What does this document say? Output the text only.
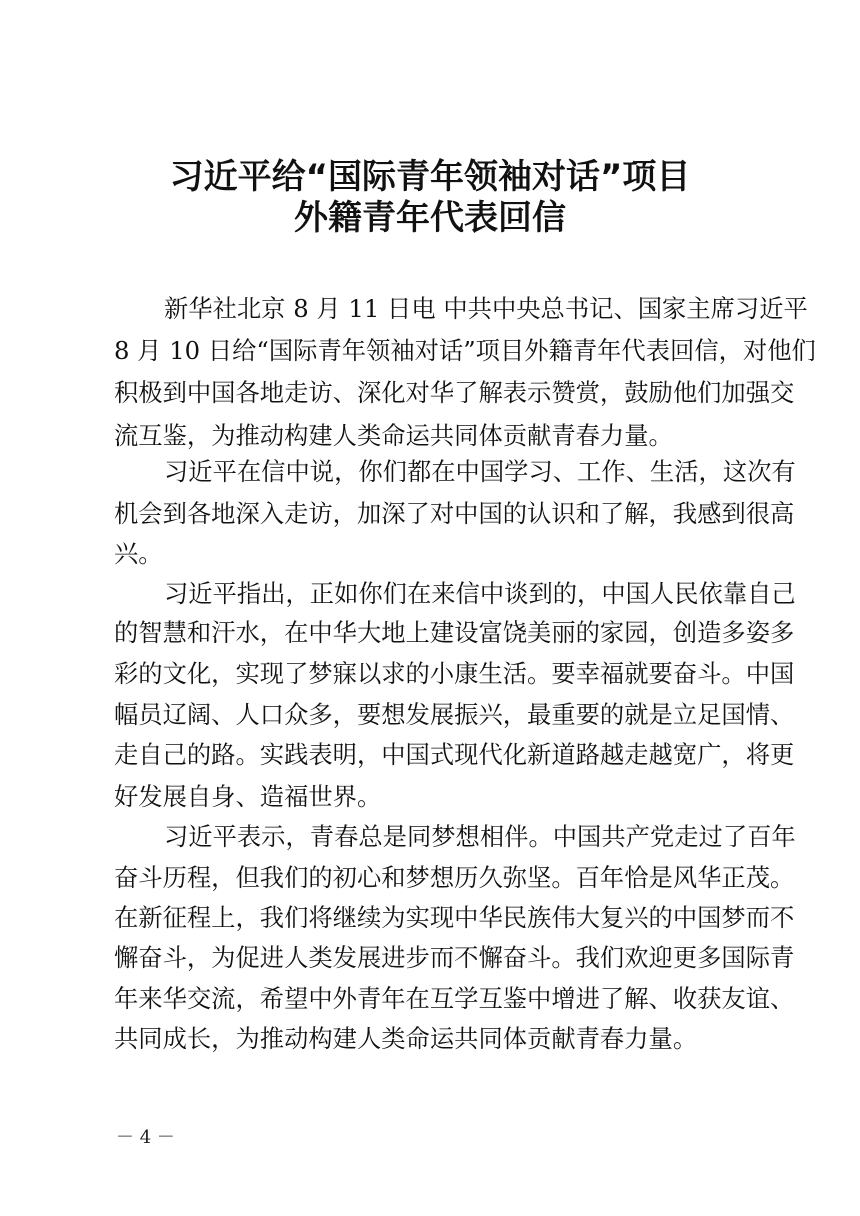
习近平给“国际青年领袖对话”项目
外籍青年代表回信
新华社北京 8 月 11 日电 中共中央总书记、国家主席习近平
8 月 10 日给“国际青年领袖对话”项目外籍青年代表回信，对他们
积极到中国各地走访、深化对华了解表示赞赏，鼓励他们加强交
流互鉴，为推动构建人类命运共同体贡献青春力量。
习近平在信中说，你们都在中国学习、工作、生活，这次有
机会到各地深入走访，加深了对中国的认识和了解，我感到很高
兴。
习近平指出，正如你们在来信中谈到的，中国人民依靠自己
的智慧和汗水，在中华大地上建设富饶美丽的家园，创造多姿多
彩的文化，实现了梦寐以求的小康生活。要幸福就要奋斗。中国
幅员辽阔、人口众多，要想发展振兴，最重要的就是立足国情、
走自己的路。实践表明，中国式现代化新道路越走越宽广，将更
好发展自身、造福世界。
习近平表示，青春总是同梦想相伴。中国共产党走过了百年
奋斗历程，但我们的初心和梦想历久弥坚。百年恰是风华正茂。
在新征程上，我们将继续为实现中华民族伟大复兴的中国梦而不
懈奋斗，为促进人类发展进步而不懈奋斗。我们欢迎更多国际青
年来华交流，希望中外青年在互学互鉴中增进了解、收获友谊、
共同成长，为推动构建人类命运共同体贡献青春力量。
－ 4 －
